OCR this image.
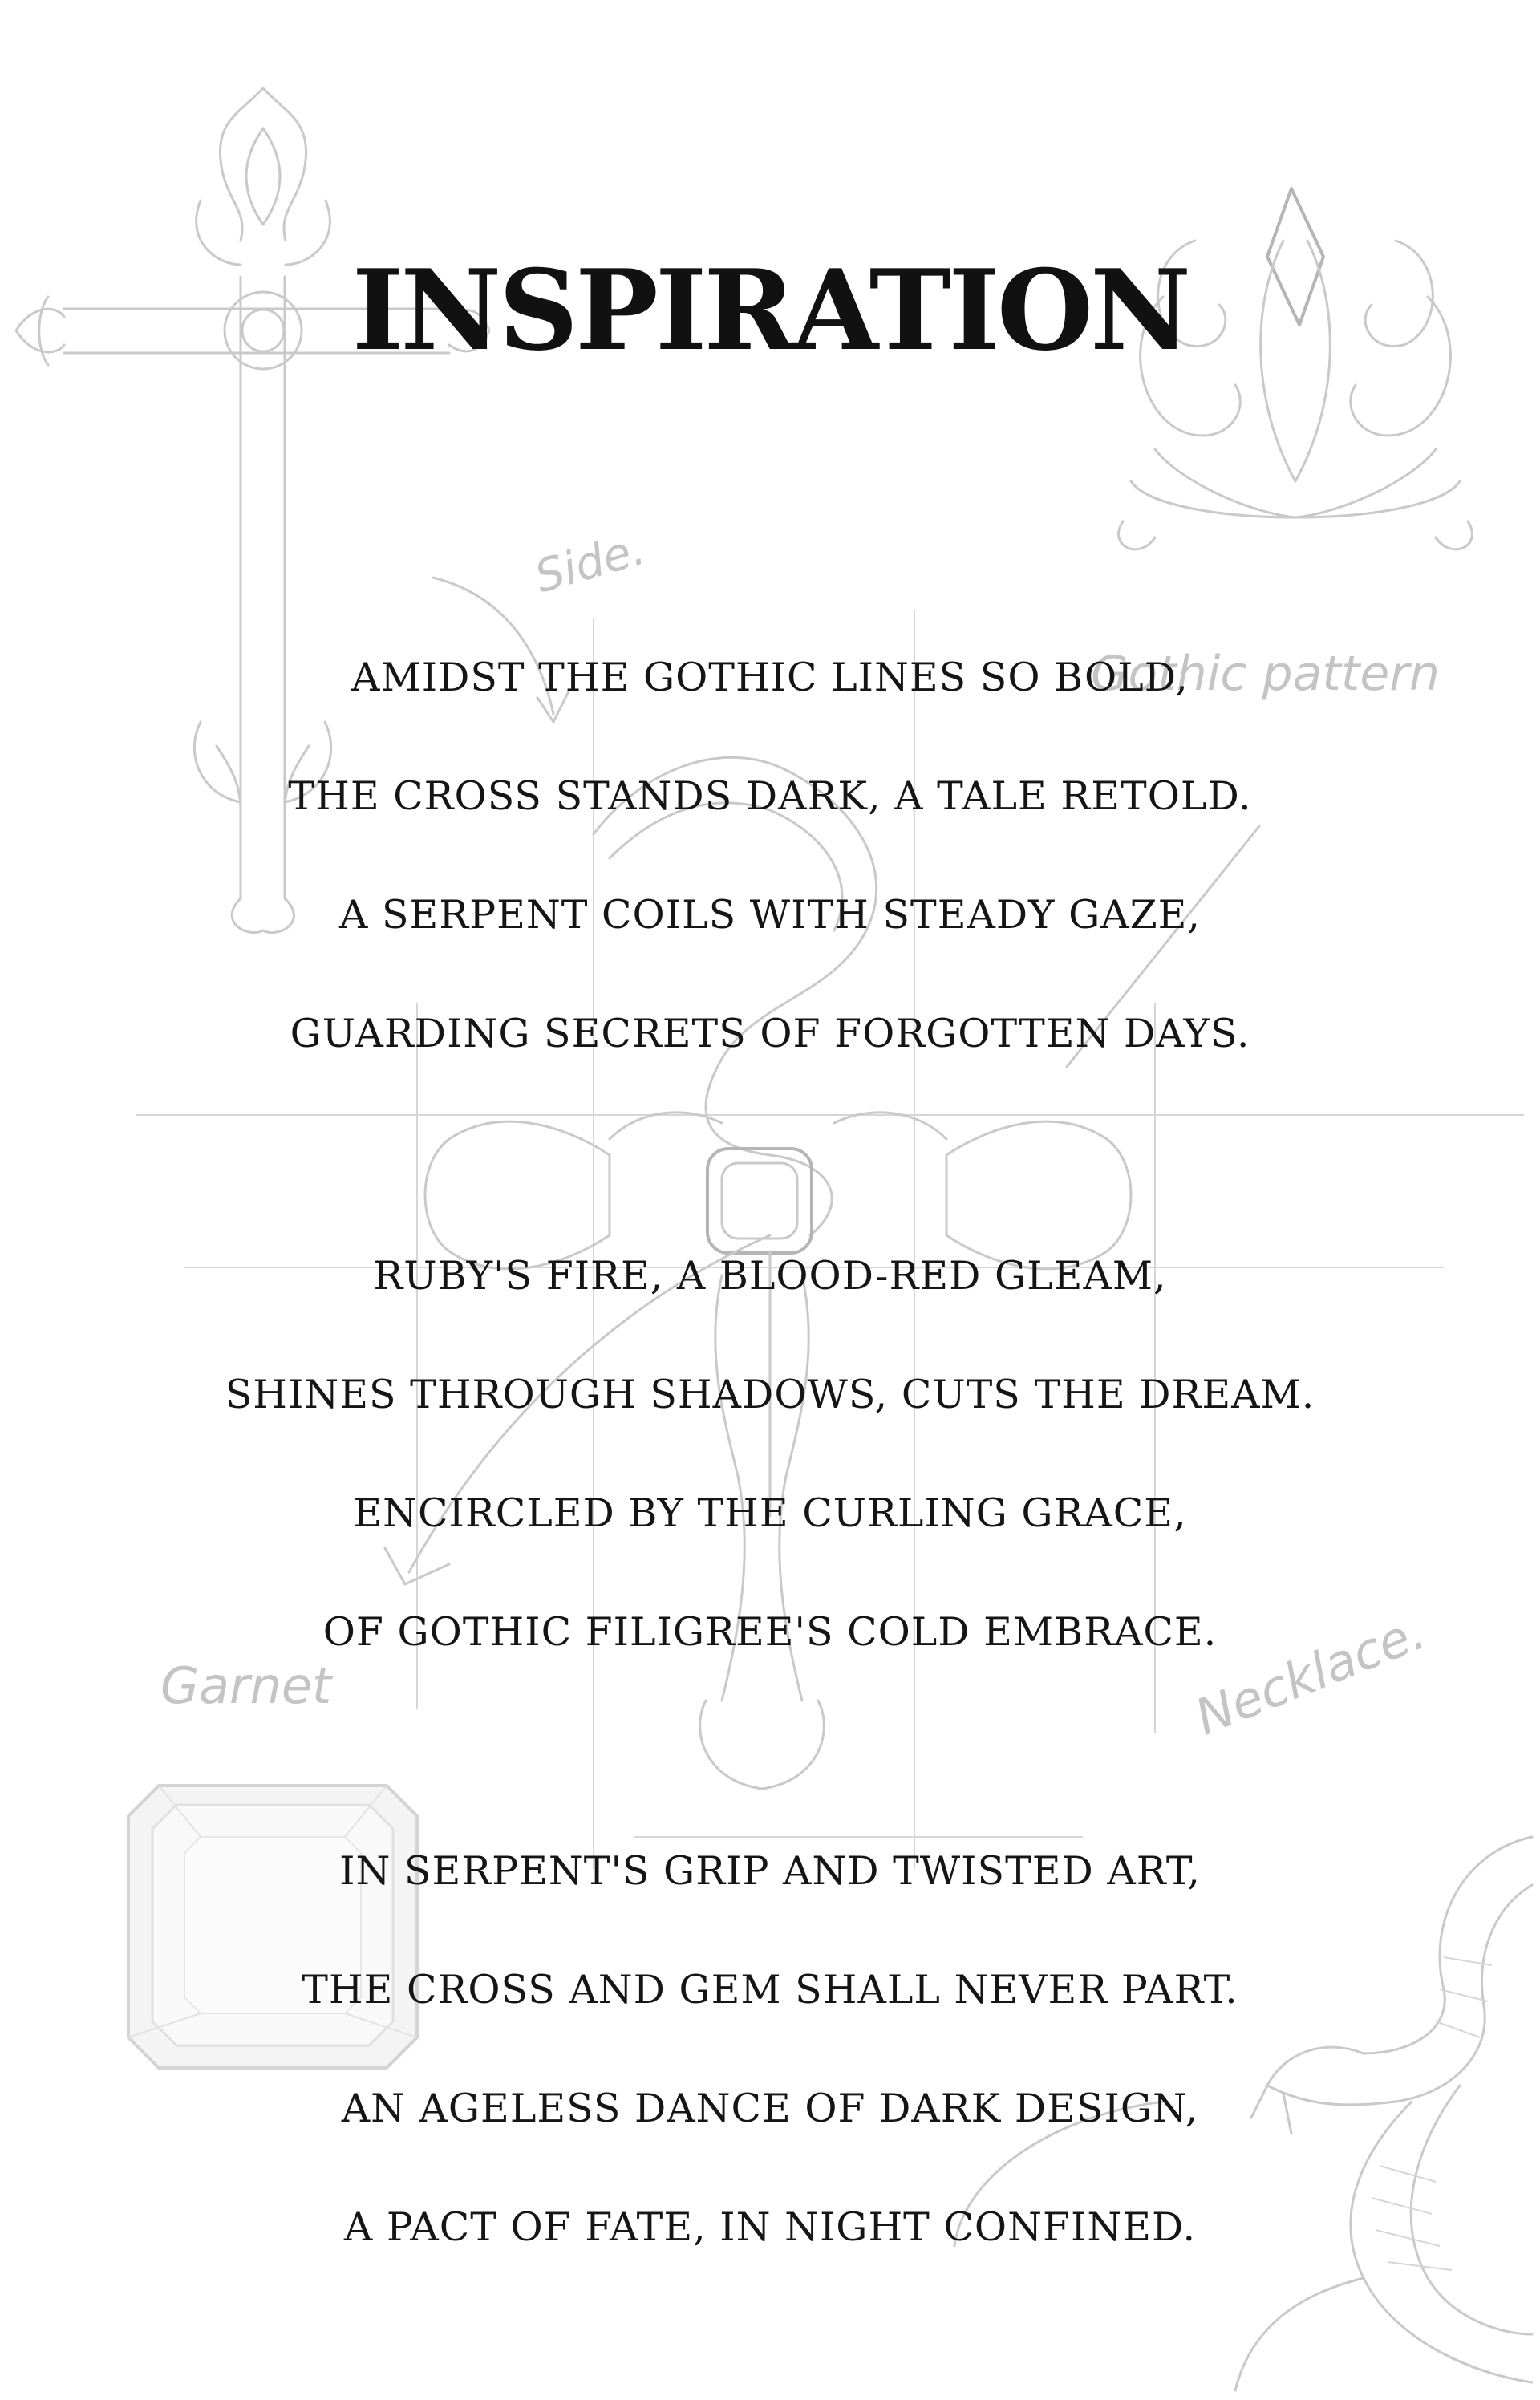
Side.
Gothic pattern
Garnet	Necklace.
INSPIRATION
AMIDST THE GOTHIC LINES SO BOLD,
THE CROSS STANDS DARK, A TALE RETOLD.
A SERPENT COILS WITH STEADY GAZE,
GUARDING SECRETS OF FORGOTTEN DAYS.
RUBY'S FIRE, A BLOOD-RED GLEAM,
SHINES THROUGH SHADOWS, CUTS THE DREAM.
ENCIRCLED BY THE CURLING GRACE,
OF GOTHIC FILIGREE'S COLD EMBRACE.
IN SERPENT'S GRIP AND TWISTED ART,
THE CROSS AND GEM SHALL NEVER PART.
AN AGELESS DANCE OF DARK DESIGN,
A PACT OF FATE, IN NIGHT CONFINED.
